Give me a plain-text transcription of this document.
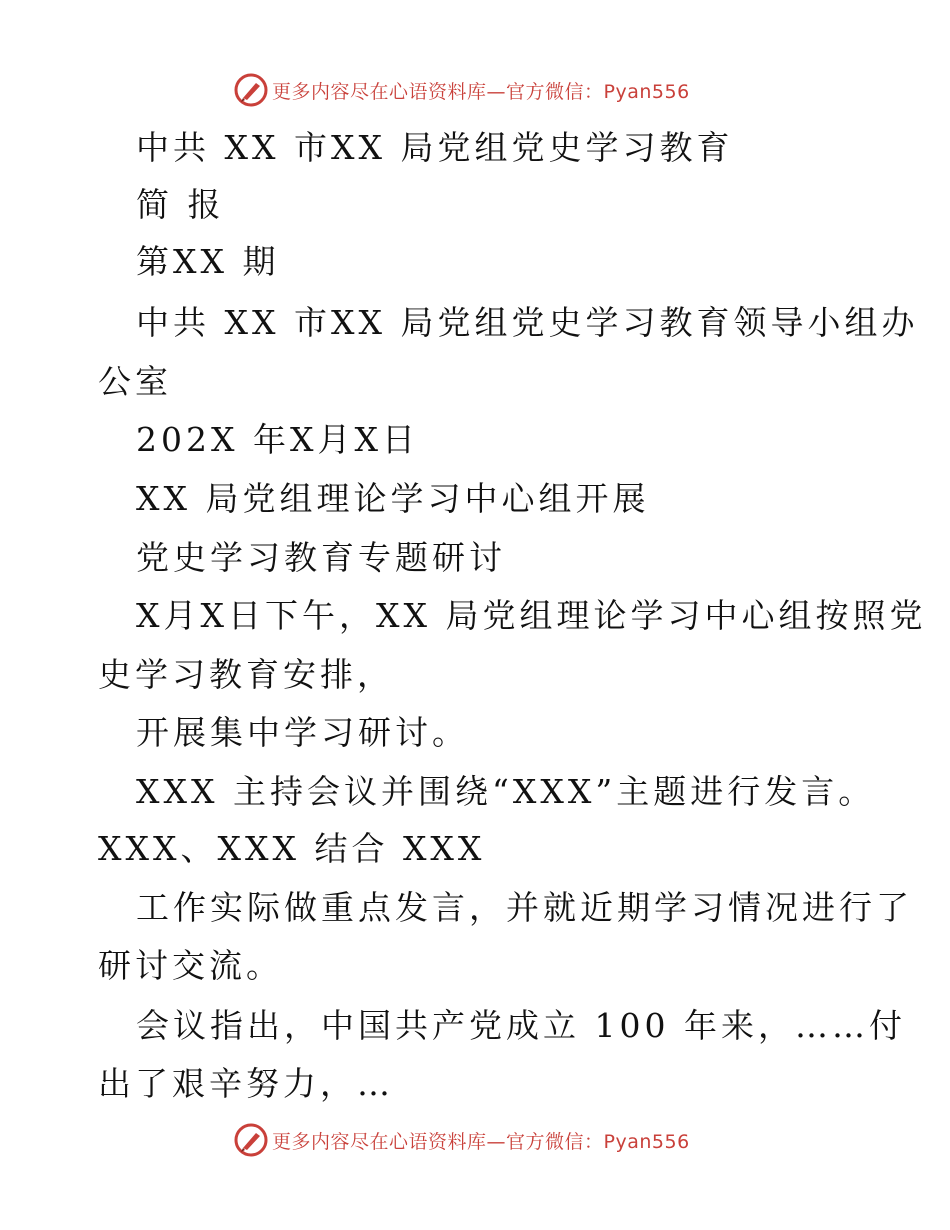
更多内容尽在心语资料库—官方微信：Pyan556
中共 XX 市XX 局党组党史学习教育
简 报
第XX 期
中共 XX 市XX 局党组党史学习教育领导小组办
公室
202X 年X月X日
XX 局党组理论学习中心组开展
党史学习教育专题研讨
X月X日下午，XX 局党组理论学习中心组按照党
史学习教育安排，
开展集中学习研讨。
XXX 主持会议并围绕“XXX”主题进行发言。
XXX、XXX 结合 XXX
工作实际做重点发言，并就近期学习情况进行了
研讨交流。
会议指出，中国共产党成立 100 年来，……付
出了艰辛努力，…
更多内容尽在心语资料库—官方微信：Pyan556
